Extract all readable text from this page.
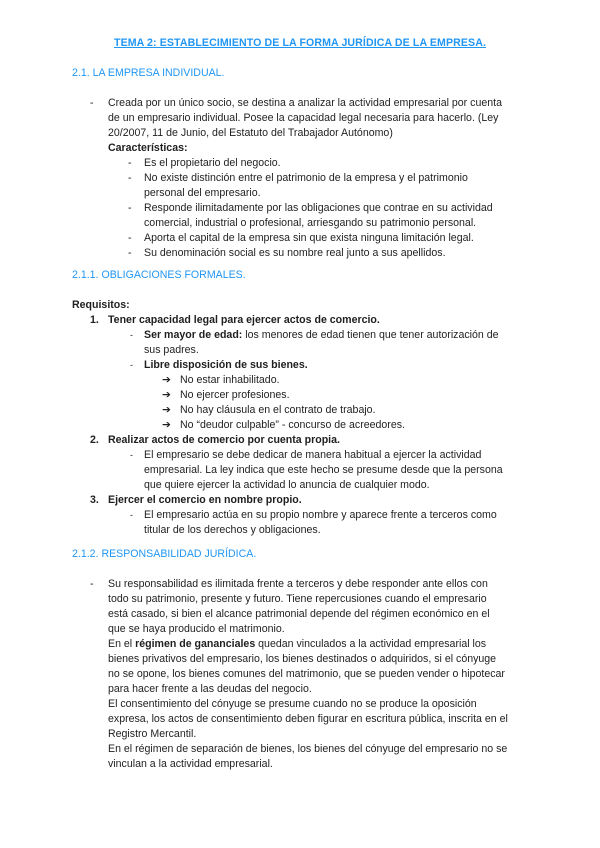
TEMA 2: ESTABLECIMIENTO DE LA FORMA JURÍDICA DE LA EMPRESA.
2.1. LA EMPRESA INDIVIDUAL.
- Creada por un único socio, se destina a analizar la actividad empresarial por cuenta
de un empresario individual. Posee la capacidad legal necesaria para hacerlo. (Ley
20/2007, 11 de Junio, del Estatuto del Trabajador Autónomo)
Características:
- Es el propietario del negocio.
- No existe distinción entre el patrimonio de la empresa y el patrimonio
personal del empresario.
- Responde ilimitadamente por las obligaciones que contrae en su actividad
comercial, industrial o profesional, arriesgando su patrimonio personal.
- Aporta el capital de la empresa sin que exista ninguna limitación legal.
- Su denominación social es su nombre real junto a sus apellidos.
2.1.1. OBLIGACIONES FORMALES.
Requisitos:
1. Tener capacidad legal para ejercer actos de comercio.
- Ser mayor de edad: los menores de edad tienen que tener autorización de
sus padres.
- Libre disposición de sus bienes.
➔ No estar inhabilitado.
➔ No ejercer profesiones.
➔ No hay cláusula en el contrato de trabajo.
➔ No “deudor culpable” - concurso de acreedores.
2. Realizar actos de comercio por cuenta propia.
- El empresario se debe dedicar de manera habitual a ejercer la actividad
empresarial. La ley indica que este hecho se presume desde que la persona
que quiere ejercer la actividad lo anuncia de cualquier modo.
3. Ejercer el comercio en nombre propio.
- El empresario actúa en su propio nombre y aparece frente a terceros como
titular de los derechos y obligaciones.
2.1.2. RESPONSABILIDAD JURÍDICA.
- Su responsabilidad es ilimitada frente a terceros y debe responder ante ellos con
todo su patrimonio, presente y futuro. Tiene repercusiones cuando el empresario
está casado, si bien el alcance patrimonial depende del régimen económico en el
que se haya producido el matrimonio.
En el régimen de gananciales quedan vinculados a la actividad empresarial los
bienes privativos del empresario, los bienes destinados o adquiridos, si el cónyuge
no se opone, los bienes comunes del matrimonio, que se pueden vender o hipotecar
para hacer frente a las deudas del negocio.
El consentimiento del cónyuge se presume cuando no se produce la oposición
expresa, los actos de consentimiento deben figurar en escritura pública, inscrita en el
Registro Mercantil.
En el régimen de separación de bienes, los bienes del cónyuge del empresario no se
vinculan a la actividad empresarial.
